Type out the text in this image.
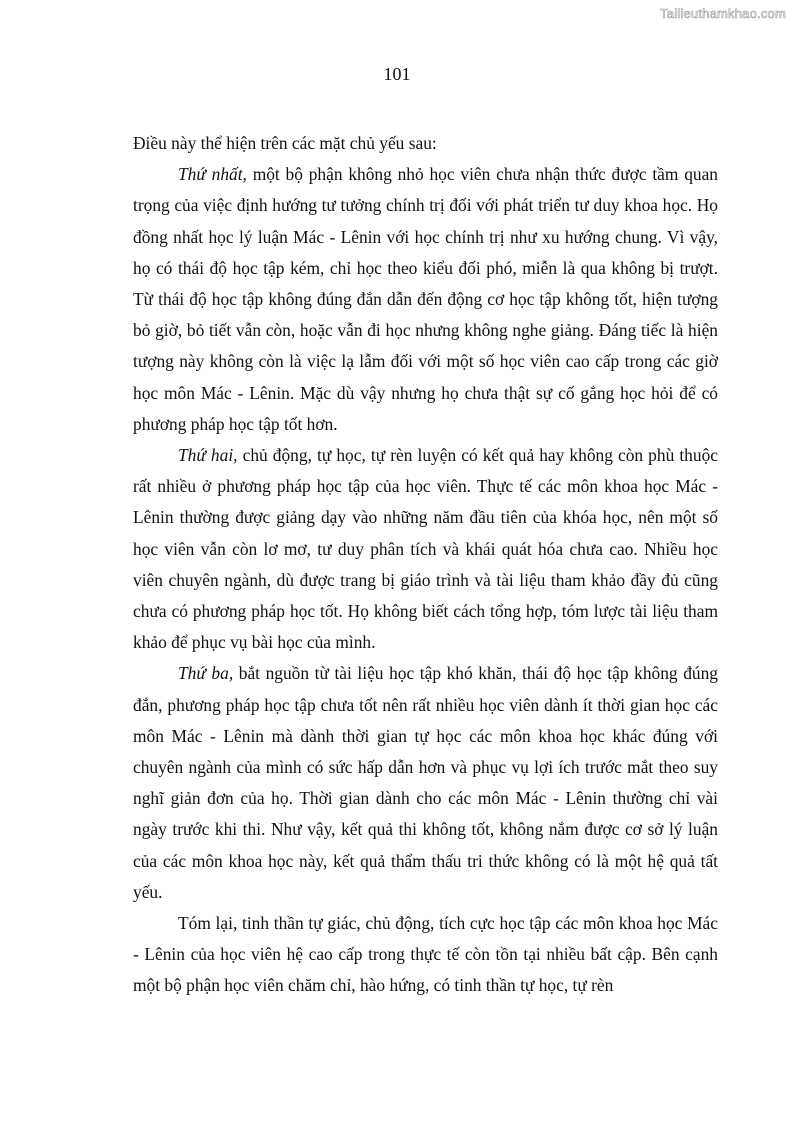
Tailieuthamkhao.com
101

Điều này thể hiện trên các mặt chủ yếu sau:

Thứ nhất, một bộ phận không nhỏ học viên chưa nhận thức được tầm quan trọng của việc định hướng tư tưởng chính trị đối với phát triển tư duy khoa học. Họ đồng nhất học lý luận Mác - Lênin với học chính trị như xu hướng chung. Vì vậy, họ có thái độ học tập kém, chỉ học theo kiểu đối phó, miễn là qua không bị trượt. Từ thái độ học tập không đúng đắn dẫn đến động cơ học tập không tốt, hiện tượng bỏ giờ, bỏ tiết vẫn còn, hoặc vẫn đi học nhưng không nghe giảng. Đáng tiếc là hiện tượng này không còn là việc lạ lẫm đối với một số học viên cao cấp trong các giờ học môn Mác - Lênin. Mặc dù vậy nhưng họ chưa thật sự cố gắng học hỏi để có phương pháp học tập tốt hơn.

Thứ hai, chủ động, tự học, tự rèn luyện có kết quả hay không còn phù thuộc rất nhiều ở phương pháp học tập của học viên. Thực tế các môn khoa học Mác - Lênin thường được giảng dạy vào những năm đầu tiên của khóa học, nên một số học viên vẫn còn lơ mơ, tư duy phân tích và khái quát hóa chưa cao. Nhiều học viên chuyên ngành, dù được trang bị giáo trình và tài liệu tham khảo đầy đủ cũng chưa có phương pháp học tốt. Họ không biết cách tổng hợp, tóm lược tài liệu tham khảo để phục vụ bài học của mình.

Thứ ba, bắt nguồn từ tài liệu học tập khó khăn, thái độ học tập không đúng đắn, phương pháp học tập chưa tốt nên rất nhiều học viên dành ít thời gian học các môn Mác - Lênin mà dành thời gian tự học các môn khoa học khác đúng với chuyên ngành của mình có sức hấp dẫn hơn và phục vụ lợi ích trước mắt theo suy nghĩ giản đơn của họ. Thời gian dành cho các môn Mác - Lênin thường chỉ vài ngày trước khi thi. Như vậy, kết quả thi không tốt, không nắm được cơ sở lý luận của các môn khoa học này, kết quả thẩm thấu tri thức không có là một hệ quả tất yếu.

Tóm lại, tinh thần tự giác, chủ động, tích cực học tập các môn khoa học Mác - Lênin của học viên hệ cao cấp trong thực tế còn tồn tại nhiều bất cập. Bên cạnh một bộ phận học viên chăm chỉ, hào hứng, có tinh thần tự học, tự rèn
